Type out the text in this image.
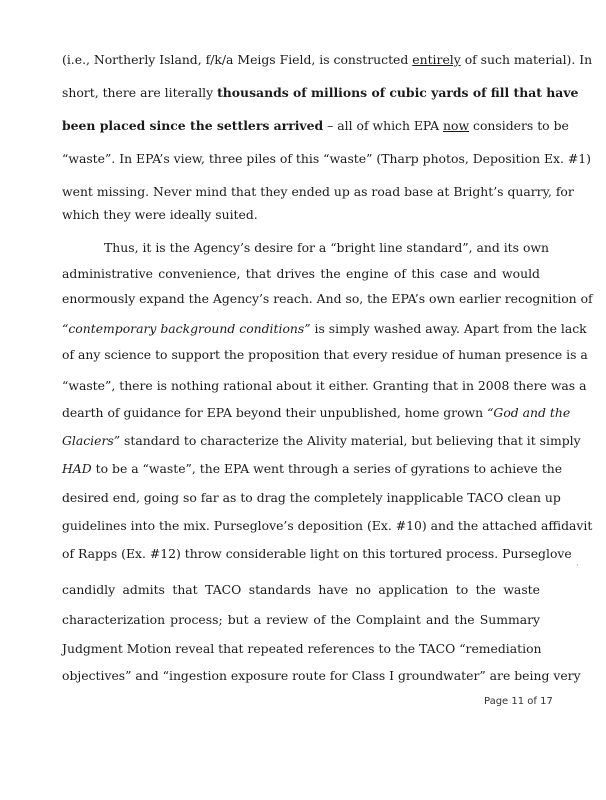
(i.e., Northerly Island, f/k/a Meigs Field, is constructed entirely of such material). In
short, there are literally thousands of millions of cubic yards of fill that have
been placed since the settlers arrived – all of which EPA now considers to be
“waste”. In EPA’s view, three piles of this “waste” (Tharp photos, Deposition Ex. #1)
went missing. Never mind that they ended up as road base at Bright’s quarry, for
which they were ideally suited.
Thus, it is the Agency’s desire for a “bright line standard”, and its own
administrative convenience, that drives the engine of this case and would
enormously expand the Agency’s reach. And so, the EPA’s own earlier recognition of
“contemporary background conditions” is simply washed away. Apart from the lack
of any science to support the proposition that every residue of human presence is a
“waste”, there is nothing rational about it either. Granting that in 2008 there was a
dearth of guidance for EPA beyond their unpublished, home grown “God and the
Glaciers” standard to characterize the Alivity material, but believing that it simply
HAD to be a “waste”, the EPA went through a series of gyrations to achieve the
desired end, going so far as to drag the completely inapplicable TACO clean up
guidelines into the mix. Purseglove’s deposition (Ex. #10) and the attached affidavit
of Rapps (Ex. #12) throw considerable light on this tortured process. Purseglove
candidly admits that TACO standards have no application to the waste
characterization process; but a review of the Complaint and the Summary
Judgment Motion reveal that repeated references to the TACO “remediation
objectives” and “ingestion exposure route for Class I groundwater” are being very
·
Page 11 of 17
